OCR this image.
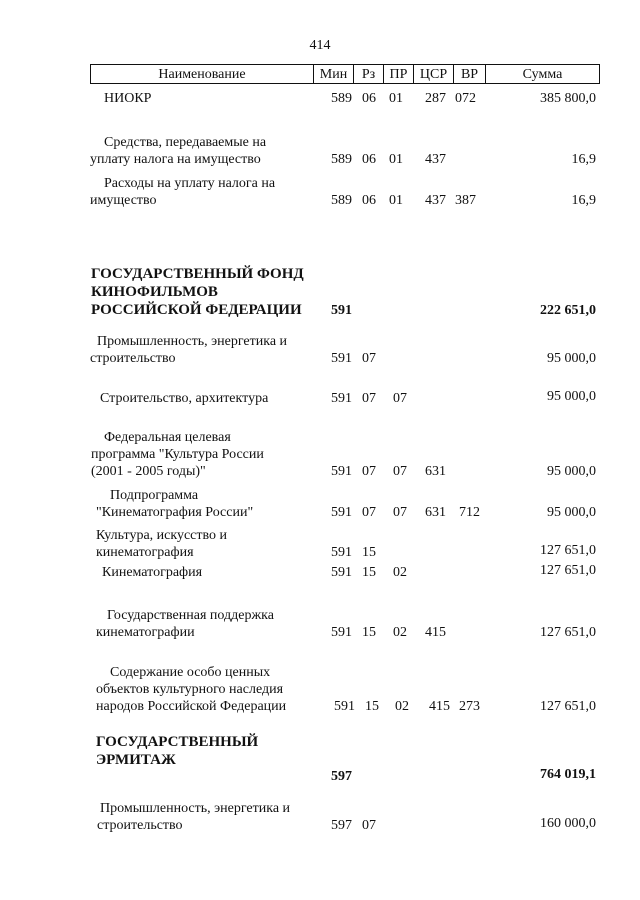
414
Наименование	Мин	Рз	ПР ЦСР ВР	Сумма
НИОКР	589 06 01 287 072	385 800,0
Средства, передаваемые на
уплату налога на имущество	589 06 01 437	16,9
Расходы на уплату налога на
имущество	589 06 01 437 387	16,9
ГОСУДАРСТВЕННЫЙ ФОНД
КИНОФИЛЬМОВ
РОССИЙСКОЙ ФЕДЕРАЦИИ 591	222 651,0
Промышленность, энергетика и
строительство	591 07	95 000,0
Строительство, архитектура	591 07 07	95 000,0
Федеральная целевая
программа "Культура России
(2001 - 2005 годы)"	591 07 07 631	95 000,0
Подпрограмма
"Кинематография России"	591 07 07 631 712	95 000,0
Культура, искусство и
кинематография	591 15	127 651,0
Кинематография	591 15 02	127 651,0
Государственная поддержка
кинематографии	591 15 02 415	127 651,0
Содержание особо ценных
объектов культурного наследия
народов Российской Федерации	591 15 02 415 273	127 651,0
ГОСУДАРСТВЕННЫЙ
ЭРМИТАЖ
597	764 019,1
Промышленность, энергетика и
строительство	597 07	160 000,0
